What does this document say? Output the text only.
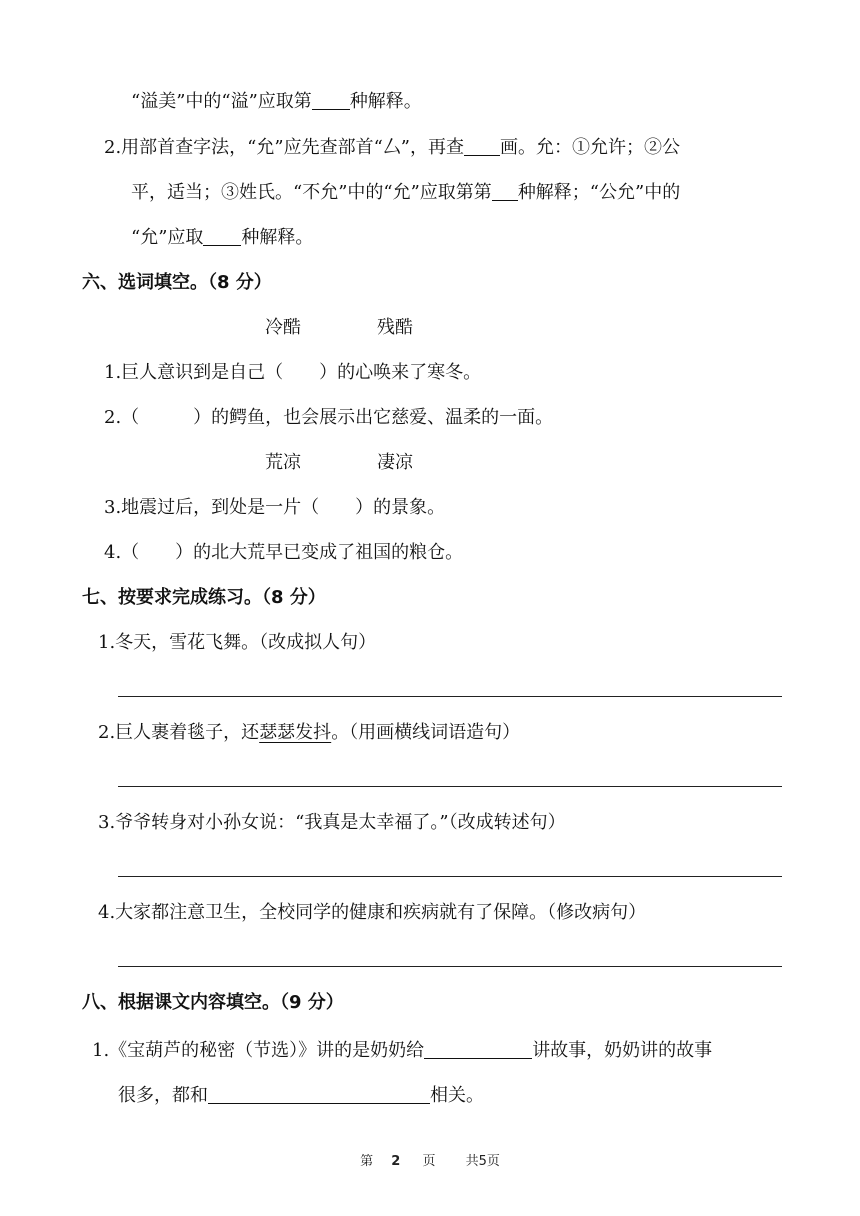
“溢美”中的“溢”应取第 种解释。
2.用部首查字法，“允”应先查部首“厶”，再查 画。允：①允许；②公
平，适当；③姓氏。“不允”中的“允”应取第第 种解释；“公允”中的
“允”应取 种解释。
六、选词填空。（8 分）
冷酷	残酷
1.巨人意识到是自己（　　）的心唤来了寒冬。
2.（　　　）的鳄鱼，也会展示出它慈爱、温柔的一面。
荒凉	凄凉
3.地震过后，到处是一片（　　）的景象。
4.（　　）的北大荒早已变成了祖国的粮仓。
七、按要求完成练习。（8 分）
1.冬天，雪花飞舞。（改成拟人句）
2.巨人裹着毯子，还瑟瑟发抖。（用画横线词语造句）
3.爷爷转身对小孙女说：“我真是太幸福了。”（改成转述句）
4.大家都注意卫生，全校同学的健康和疾病就有了保障。（修改病句）
八、根据课文内容填空。（9 分）
1.《宝葫芦的秘密（节选）》讲的是奶奶给	讲故事，奶奶讲的故事
很多，都和	相关。
第 2 页 共5页
